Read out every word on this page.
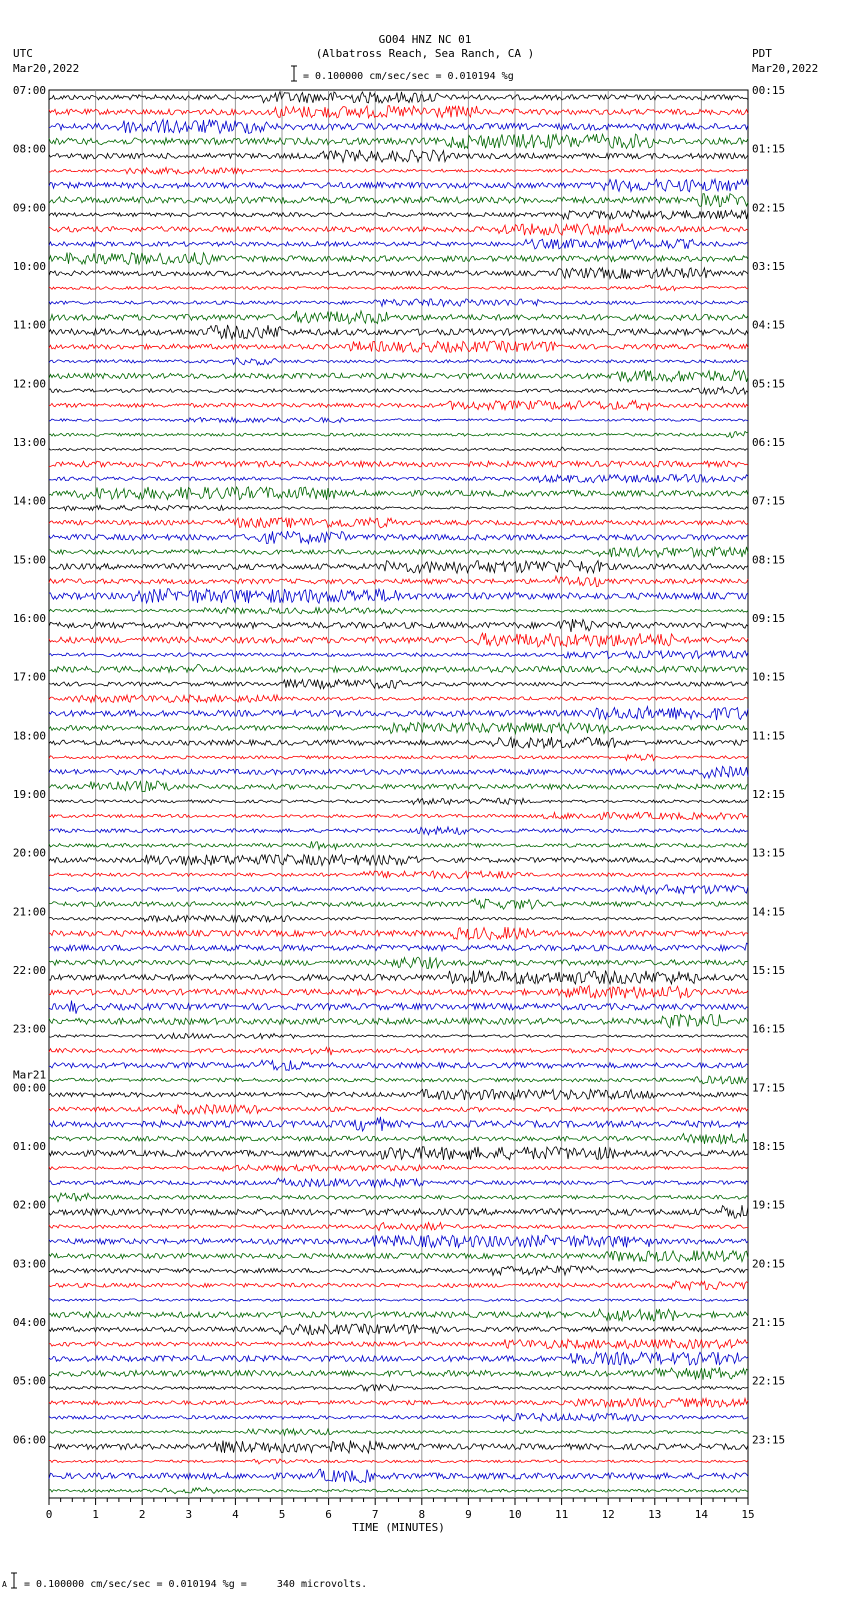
GO04 HNZ NC 01
(Albatross Reach, Sea Ranch, CA )
UTC
Mar20,2022
PDT
Mar20,2022
= 0.100000 cm/sec/sec = 0.010194 %g
07:00
08:00
09:00
10:00
11:00
12:00
13:00
14:00
15:00
16:00
17:00
18:00
19:00
20:00
21:00
22:00
23:00
00:00
01:00
02:00
03:00
04:00
05:00
06:00
00:15
01:15
02:15
03:15
04:15
05:15
06:15
07:15
08:15
09:15
10:15
11:15
12:15
13:15
14:15
15:15
16:15
17:15
18:15
19:15
20:15
21:15
22:15
23:15
Mar21
0	1	2	3	4	5	6	7	8	9	10	11	12	13	14	15
TIME (MINUTES)
A = 0.100000 cm/sec/sec = 0.010194 %g =     340 microvolts.
